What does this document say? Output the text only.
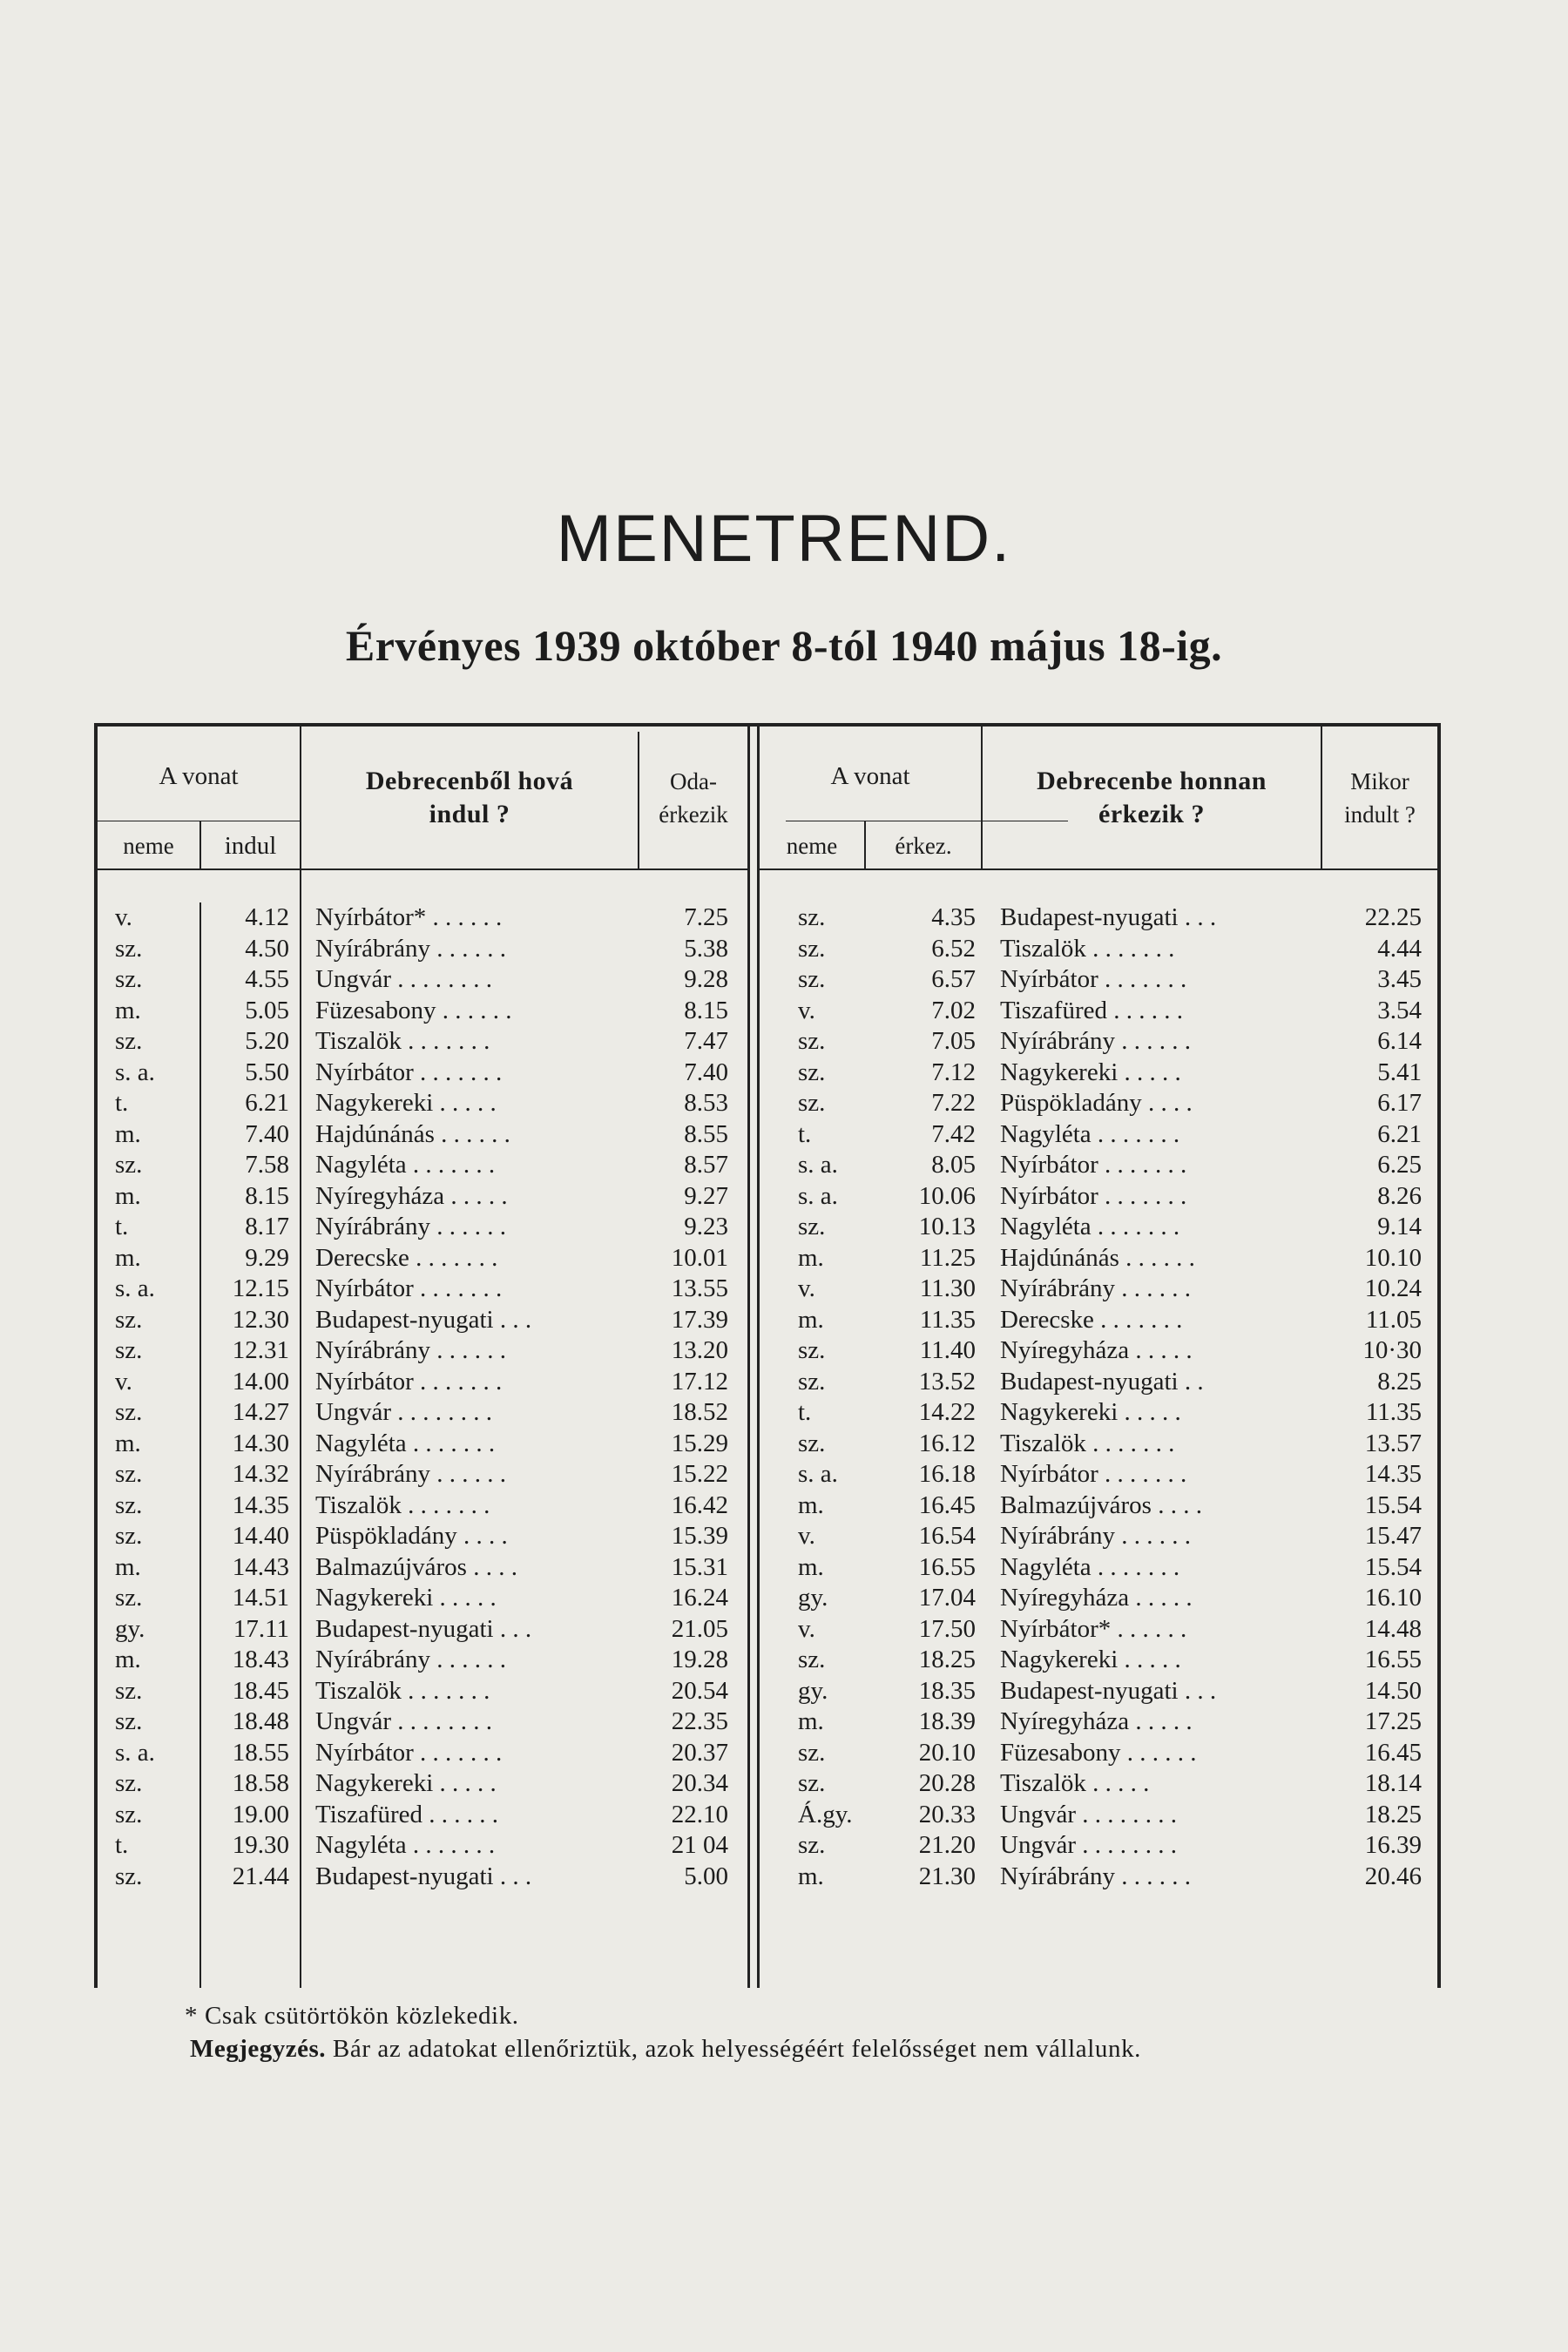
MENETREND.
Érvényes 1939 október 8-tól 1940 május 18-ig.
A vonat
neme	indul
Debrecenből hová
indul ?
Oda-
érkezik
A vonat
neme	érkez.
Debrecenbe honnan
érkezik ?
Mikor
indult ?
v.	4.12 Nyírbátor* . . . . . .	7.25	sz.	4.35 Budapest-nyugati . . .	22.25
sz.	4.50 Nyírábrány . . . . . .	5.38	sz.	6.52 Tiszalök . . . . . . .	4.44
sz.	4.55 Ungvár . . . . . . . .	9.28	sz.	6.57 Nyírbátor . . . . . . .	3.45
m.	5.05 Füzesabony . . . . . .	8.15	v.	7.02 Tiszafüred . . . . . .	3.54
sz.	5.20 Tiszalök . . . . . . .	7.47	sz.	7.05 Nyírábrány . . . . . .	6.14
s. a.	5.50 Nyírbátor . . . . . . .	7.40	sz.	7.12 Nagykereki . . . . .	5.41
t.	6.21 Nagykereki . . . . .	8.53	sz.	7.22 Püspökladány . . . .	6.17
m.	7.40 Hajdúnánás . . . . . .	8.55	t.	7.42 Nagyléta . . . . . . .	6.21
sz.	7.58 Nagyléta . . . . . . .	8.57	s. a.	8.05 Nyírbátor . . . . . . .	6.25
m.	8.15 Nyíregyháza . . . . .	9.27	s. a.	10.06 Nyírbátor . . . . . . .	8.26
t.	8.17 Nyírábrány . . . . . .	9.23	sz.	10.13 Nagyléta . . . . . . .	9.14
m.	9.29 Derecske . . . . . . .	10.01	m.	11.25 Hajdúnánás . . . . . .	10.10
s. a.	12.15 Nyírbátor . . . . . . .	13.55	v.	11.30 Nyírábrány . . . . . .	10.24
sz.	12.30 Budapest-nyugati . . .	17.39	m.	11.35 Derecske . . . . . . .	11.05
sz.	12.31 Nyírábrány . . . . . .	13.20	sz.	11.40 Nyíregyháza . . . . .	10·30
v.	14.00 Nyírbátor . . . . . . .	17.12	sz.	13.52 Budapest-nyugati . .	8.25
sz.	14.27 Ungvár . . . . . . . .	18.52	t.	14.22 Nagykereki . . . . .	11.35
m.	14.30 Nagyléta . . . . . . .	15.29	sz.	16.12 Tiszalök . . . . . . .	13.57
sz.	14.32 Nyírábrány . . . . . .	15.22	s. a.	16.18 Nyírbátor . . . . . . .	14.35
sz.	14.35 Tiszalök . . . . . . .	16.42	m.	16.45 Balmazújváros . . . .	15.54
sz.	14.40 Püspökladány . . . .	15.39	v.	16.54 Nyírábrány . . . . . .	15.47
m.	14.43 Balmazújváros . . . .	15.31	m.	16.55 Nagyléta . . . . . . .	15.54
sz.	14.51 Nagykereki . . . . .	16.24	gy.	17.04 Nyíregyháza . . . . .	16.10
gy.	17.11 Budapest-nyugati . . .	21.05	v.	17.50 Nyírbátor* . . . . . .	14.48
m.	18.43 Nyírábrány . . . . . .	19.28	sz.	18.25 Nagykereki . . . . .	16.55
sz.	18.45 Tiszalök . . . . . . .	20.54	gy.	18.35 Budapest-nyugati . . .	14.50
sz.	18.48 Ungvár . . . . . . . .	22.35	m.	18.39 Nyíregyháza . . . . .	17.25
s. a.	18.55 Nyírbátor . . . . . . .	20.37	sz.	20.10 Füzesabony . . . . . .	16.45
sz.	18.58 Nagykereki . . . . .	20.34	sz.	20.28 Tiszalök . . . . .	18.14
sz.	19.00 Tiszafüred . . . . . .	22.10	Á.gy.	20.33 Ungvár . . . . . . . .	18.25
t.	19.30 Nagyléta . . . . . . .	21 04	sz.	21.20 Ungvár . . . . . . . .	16.39
sz.	21.44 Budapest-nyugati . . .	5.00	m.	21.30 Nyírábrány . . . . . .	20.46
* Csak csütörtökön közlekedik.
Megjegyzés. Bár az adatokat ellenőriztük, azok helyességéért felelősséget nem vállalunk.
